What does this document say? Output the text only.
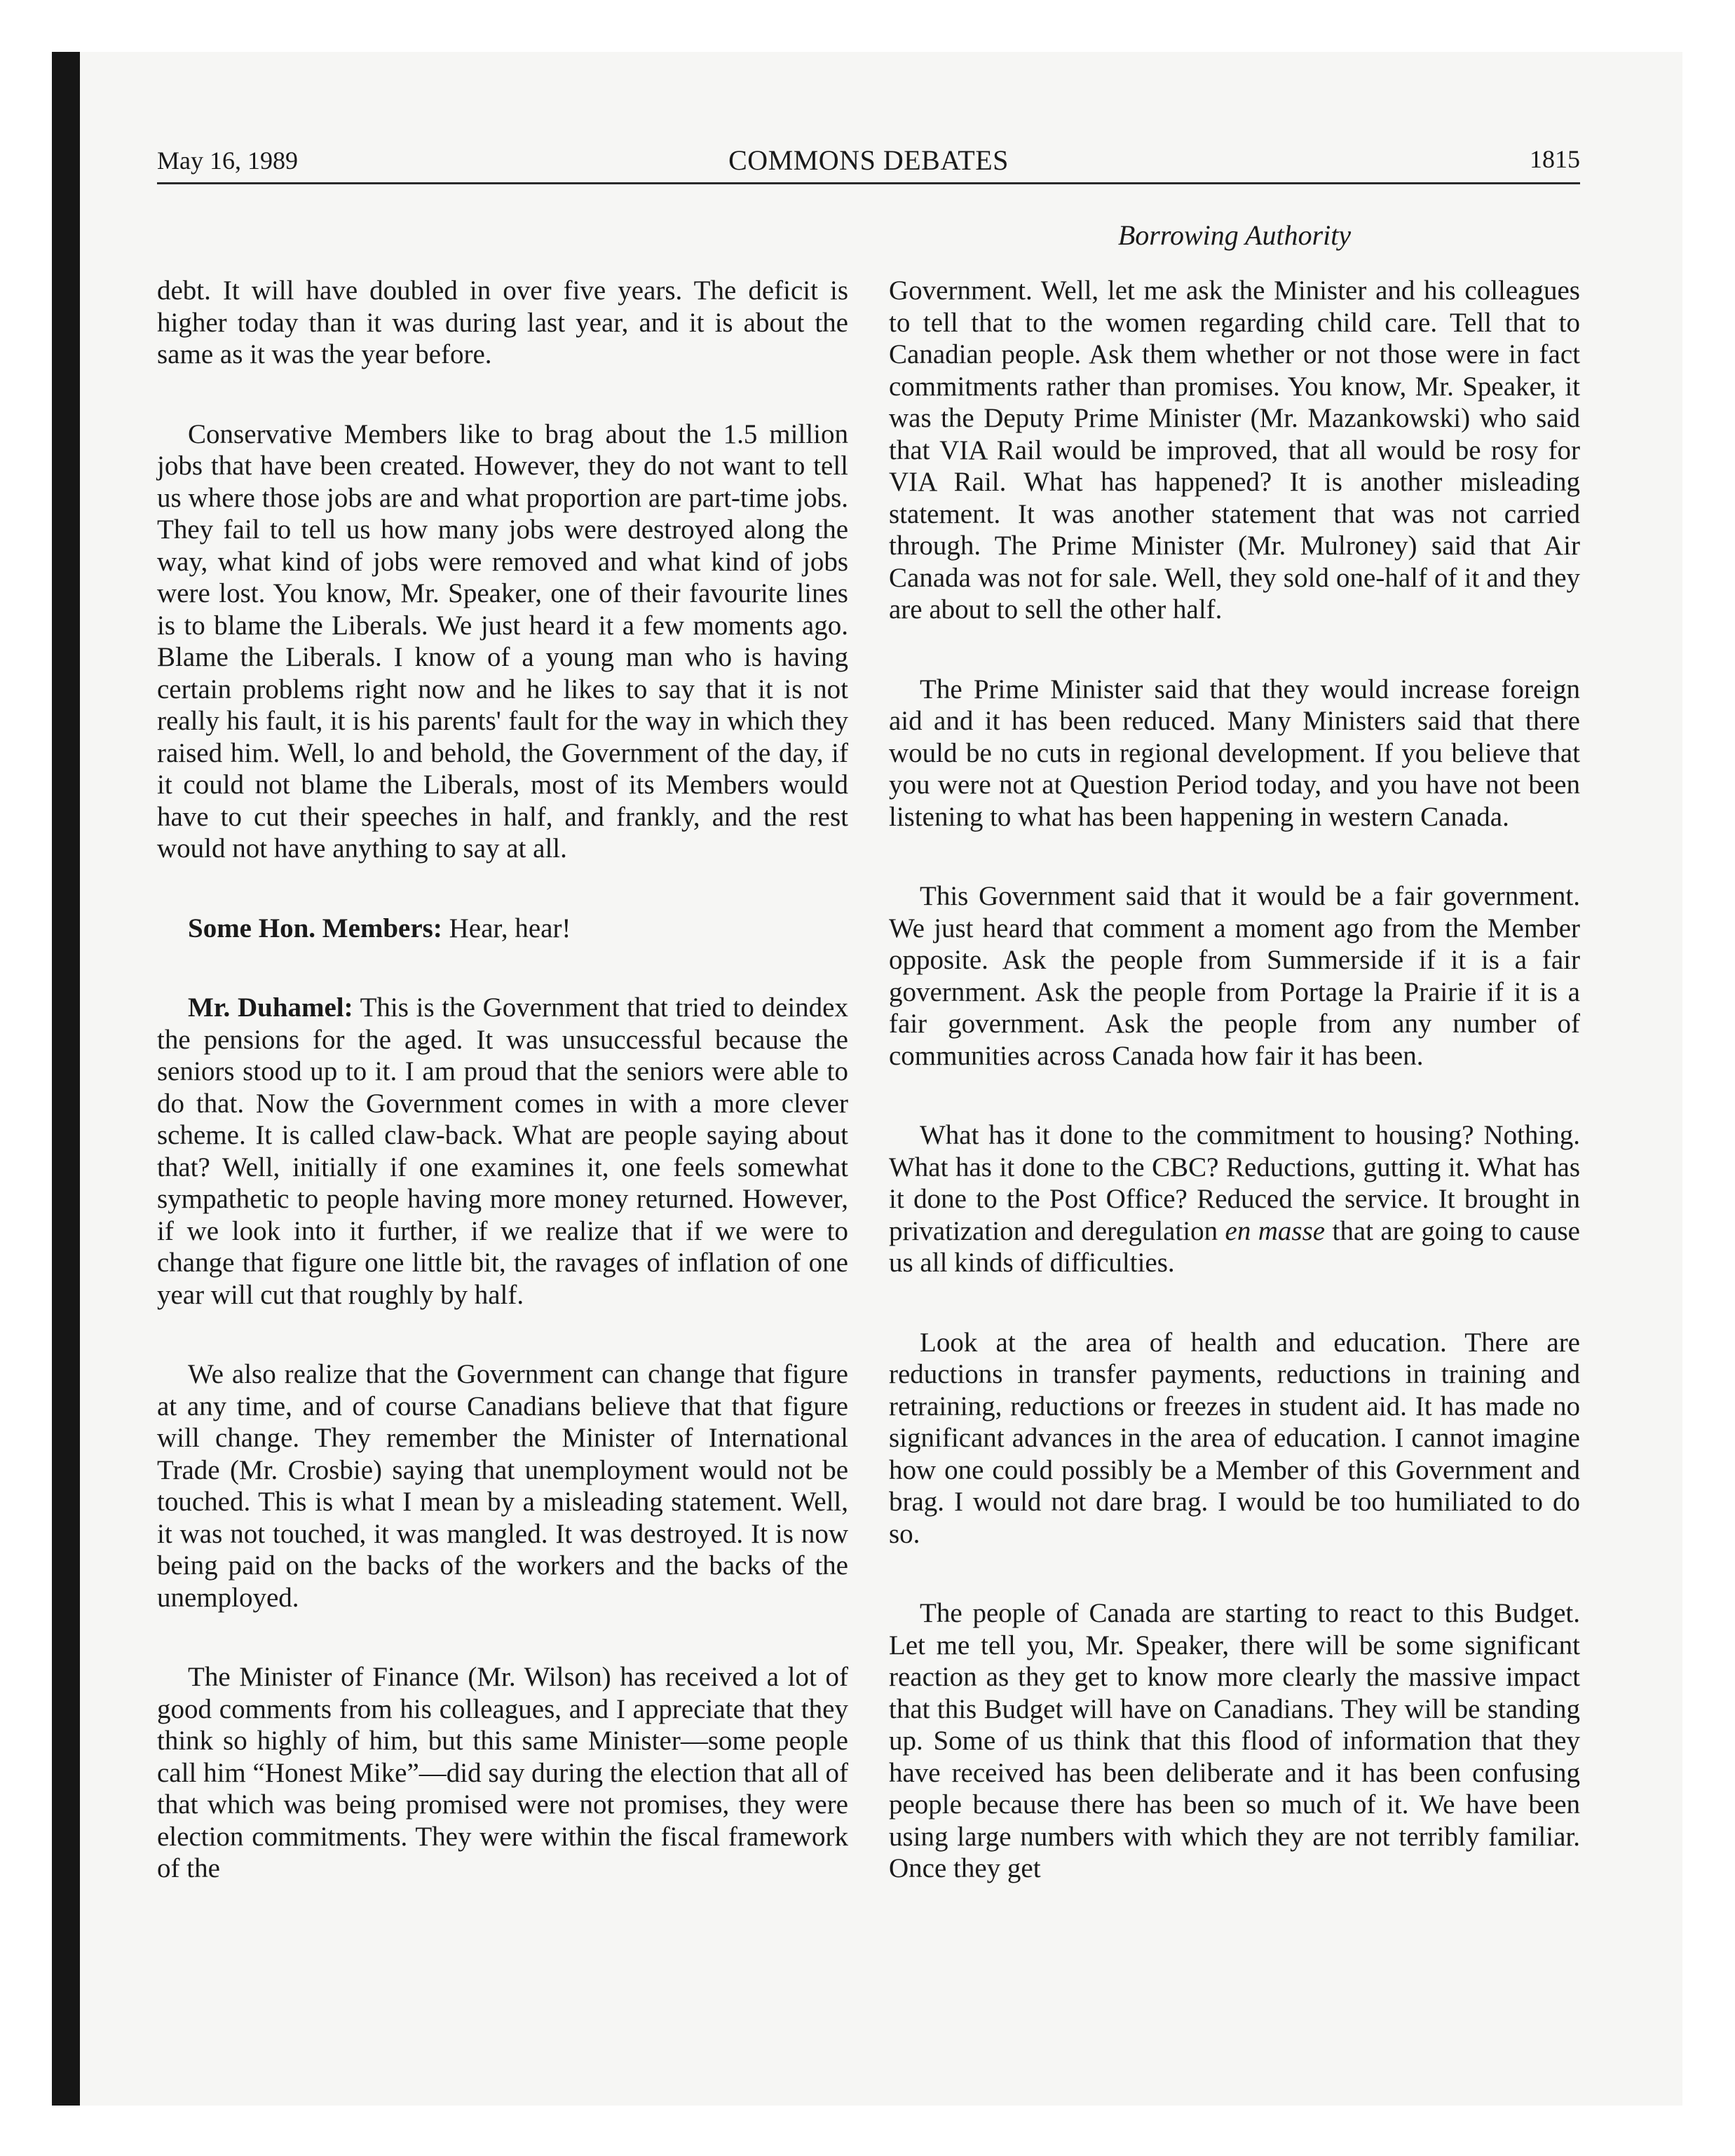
May 16, 1989	COMMONS DEBATES	1815
Borrowing Authority

debt. It will have doubled in over five years. The deficit is higher today than it was during last year, and it is about the same as it was the year before.

Conservative Members like to brag about the 1.5 million jobs that have been created. However, they do not want to tell us where those jobs are and what proportion are part-time jobs. They fail to tell us how many jobs were destroyed along the way, what kind of jobs were removed and what kind of jobs were lost. You know, Mr. Speaker, one of their favourite lines is to blame the Liberals. We just heard it a few moments ago. Blame the Liberals. I know of a young man who is having certain problems right now and he likes to say that it is not really his fault, it is his parents' fault for the way in which they raised him. Well, lo and behold, the Government of the day, if it could not blame the Liberals, most of its Members would have to cut their speeches in half, and frankly, and the rest would not have anything to say at all.

Some Hon. Members: Hear, hear!

Mr. Duhamel: This is the Government that tried to deindex the pensions for the aged. It was unsuccessful because the seniors stood up to it. I am proud that the seniors were able to do that. Now the Government comes in with a more clever scheme. It is called claw-back. What are people saying about that? Well, initially if one examines it, one feels somewhat sympathetic to people having more money returned. However, if we look into it further, if we realize that if we were to change that figure one little bit, the ravages of inflation of one year will cut that roughly by half.

We also realize that the Government can change that figure at any time, and of course Canadians believe that that figure will change. They remember the Minister of International Trade (Mr. Crosbie) saying that unemployment would not be touched. This is what I mean by a misleading statement. Well, it was not touched, it was mangled. It was destroyed. It is now being paid on the backs of the workers and the backs of the unemployed.

The Minister of Finance (Mr. Wilson) has received a lot of good comments from his colleagues, and I appreciate that they think so highly of him, but this same Minister—some people call him “Honest Mike”—did say during the election that all of that which was being promised were not promises, they were election commitments. They were within the fiscal framework of the

Government. Well, let me ask the Minister and his colleagues to tell that to the women regarding child care. Tell that to Canadian people. Ask them whether or not those were in fact commitments rather than promises. You know, Mr. Speaker, it was the Deputy Prime Minister (Mr. Mazankowski) who said that VIA Rail would be improved, that all would be rosy for VIA Rail. What has happened? It is another misleading statement. It was another statement that was not carried through. The Prime Minister (Mr. Mulroney) said that Air Canada was not for sale. Well, they sold one-half of it and they are about to sell the other half.

The Prime Minister said that they would increase foreign aid and it has been reduced. Many Ministers said that there would be no cuts in regional development. If you believe that you were not at Question Period today, and you have not been listening to what has been happening in western Canada.

This Government said that it would be a fair government. We just heard that comment a moment ago from the Member opposite. Ask the people from Summerside if it is a fair government. Ask the people from Portage la Prairie if it is a fair government. Ask the people from any number of communities across Canada how fair it has been.

What has it done to the commitment to housing? Nothing. What has it done to the CBC? Reductions, gutting it. What has it done to the Post Office? Reduced the service. It brought in privatization and deregulation en masse that are going to cause us all kinds of difficulties.

Look at the area of health and education. There are reductions in transfer payments, reductions in training and retraining, reductions or freezes in student aid. It has made no significant advances in the area of education. I cannot imagine how one could possibly be a Member of this Government and brag. I would not dare brag. I would be too humiliated to do so.

The people of Canada are starting to react to this Budget. Let me tell you, Mr. Speaker, there will be some significant reaction as they get to know more clearly the massive impact that this Budget will have on Canadians. They will be standing up. Some of us think that this flood of information that they have received has been deliberate and it has been confusing people because there has been so much of it. We have been using large numbers with which they are not terribly familiar. Once they get
